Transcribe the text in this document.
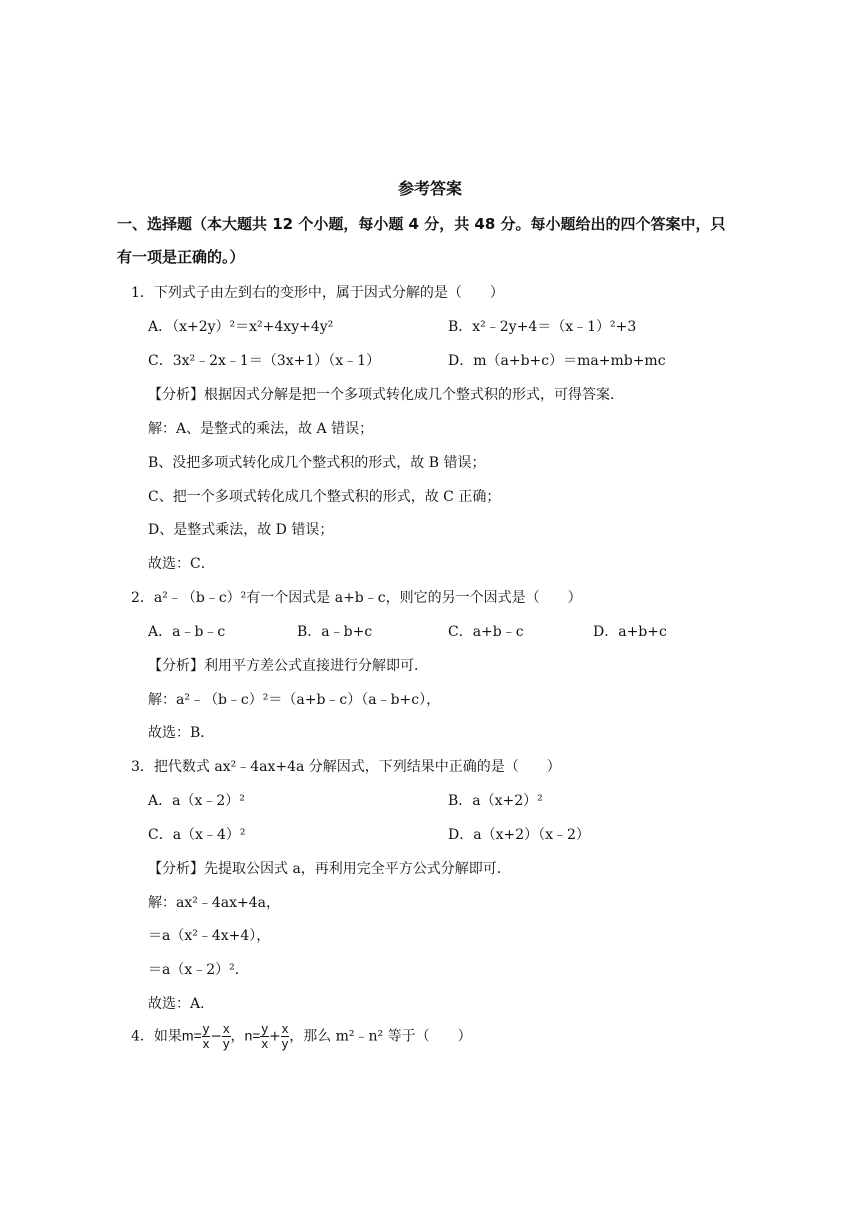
参考答案
一、选择题（本大题共 12 个小题，每小题 4 分，共 48 分。每小题给出的四个答案中，只
有一项是正确的。）
1．下列式子由左到右的变形中，属于因式分解的是（　　）
A．（x+2y）²＝x²+4xy+4y²	B．x²﹣2y+4＝（x﹣1）²+3
C．3x²﹣2x﹣1＝（3x+1）（x﹣1）	D．m（a+b+c）＝ma+mb+mc
【分析】根据因式分解是把一个多项式转化成几个整式积的形式，可得答案．
解：A、是整式的乘法，故 A 错误；
B、没把多项式转化成几个整式积的形式，故 B 错误；
C、把一个多项式转化成几个整式积的形式，故 C 正确；
D、是整式乘法，故 D 错误；
故选：C．
2．a²﹣（b﹣c）²有一个因式是 a+b﹣c，则它的另一个因式是（　　）
A．a﹣b﹣c	B．a﹣b+c	C．a+b﹣c	D．a+b+c
【分析】利用平方差公式直接进行分解即可．
解：a²﹣（b﹣c）²＝（a+b﹣c）（a﹣b+c），
故选：B．
3．把代数式 ax²﹣4ax+4a 分解因式，下列结果中正确的是（　　）
A．a（x﹣2）²	B．a（x+2）²
C．a（x﹣4）²	D．a（x+2）（x﹣2）
【分析】先提取公因式 a，再利用完全平方公式分解即可．
解：ax²﹣4ax+4a，
＝a（x²﹣4x+4），
＝a（x﹣2）²．
故选：A．
4．如果$m= \frac{y}{x} - \frac{x}{y}$ ，$n= \frac{y}{x} + \frac{x}{y}$ ，那么 m²﹣n² 等于（　　）
